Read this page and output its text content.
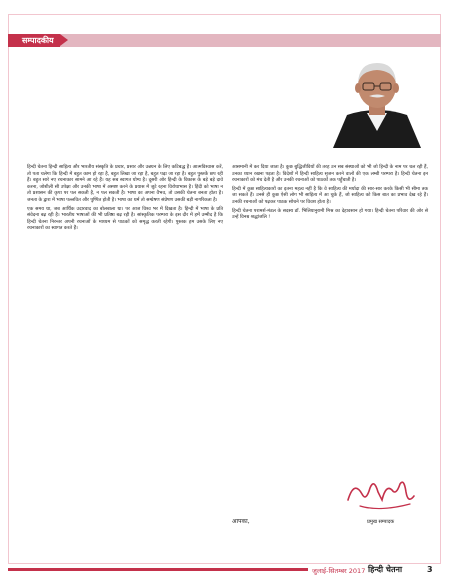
सम्पादकीय

हिन्दी चेतना हिन्दी साहित्य और भारतीय संस्कृति के प्रचार, प्रसार और उन्नयन के लिए कटिबद्ध है। आत्मविश्वास करें, तो पता चलेगा कि हिन्दी में बहुत काम हो रहा है, बहुत लिखा जा रहा है, बहुत पढ़ा जा रहा है। बहुत पुस्तकें छप रही हैं। बहुत सारे नए रचनाकार सामने आ रहे हैं। यह सब स्वागत योग्य है। दूसरी ओर हिन्दी के विकास के बड़े बड़े दावे करना, जोशीली सी उपेक्षा और उनकी भाषा में अस्पष्ट करने के प्रयास में जुटे रहना विरोधाभास है। हिंदी को भाषा न तो प्रशासन की कृपा पर पल सकती है, न पल सकती है। भाषा का अपना वैभव, तो उसकी चेतना बनता होता है। जनता के द्वारा में भाषा पल्लवित और पुष्पित होती है। भाषा का धर्म तो सम्प्रेषण संप्रेषण उसकी बड़ी नागरिकता है।

एक समय था, जब आर्थिक उदारवाद का बोलबाला था। पर आज विश्व भर में दिखता है। हिन्दी में भाषा के प्रति संवेदना बढ़ रही है। भारतीय भाषाओं की भी प्रतिष्ठा बढ़ रही है। सांस्कृतिक परम्परा के इस दौर में हमें उम्मीद है कि हिन्दी चेतना निरन्तर अपनी रचनाओं के माध्यम से पाठकों को समृद्ध करती रहेगी। पुस्तक हम उसके लिए नए रचनाकारों का स्वागत करते हैं।

आसमानी में कर दिया जाता है। कुछ बुद्धिजीवियों की तरह उन सब संस्थाओं को भी जो हिन्दी के नाम पर चल रही हैं, उनका ध्यान रखना पड़ता है। विदेशों में हिन्दी साहित्य सृजन करने वालों की एक लम्बी परम्परा है। हिन्दी चेतना इन रचनाकारों को मंच देती है और उनकी रचनाओं को पाठकों तक पहुँचाती है।

हिन्दी में कुछ साहित्यकारों का इतना महत्व नहीं है कि वे साहित्य की मर्यादा की सार-सार करके किसी भी सीमा तक जा सकते हैं। उनसे ही कुछ ऐसी लोग भी साहित्य में आ चुके हैं, जो साहित्य को किस बात का प्रभाव देख रहे हैं। उनकी रचनाओं को पढ़कर पाठक सोचने पर विवश होता है।

हिन्दी चेतना परामर्श-मंडल के सदस्य डॉ. भिलियानुरामी मिश्र का देहावसान हो गया। हिन्दी चेतना परिवार की ओर से उन्हें विनम्र श्रद्धांजलि !

आपका,	प्रमुख सम्पादक
जुलाई-सितम्बर 2017 हिन्दी चेतना	3
